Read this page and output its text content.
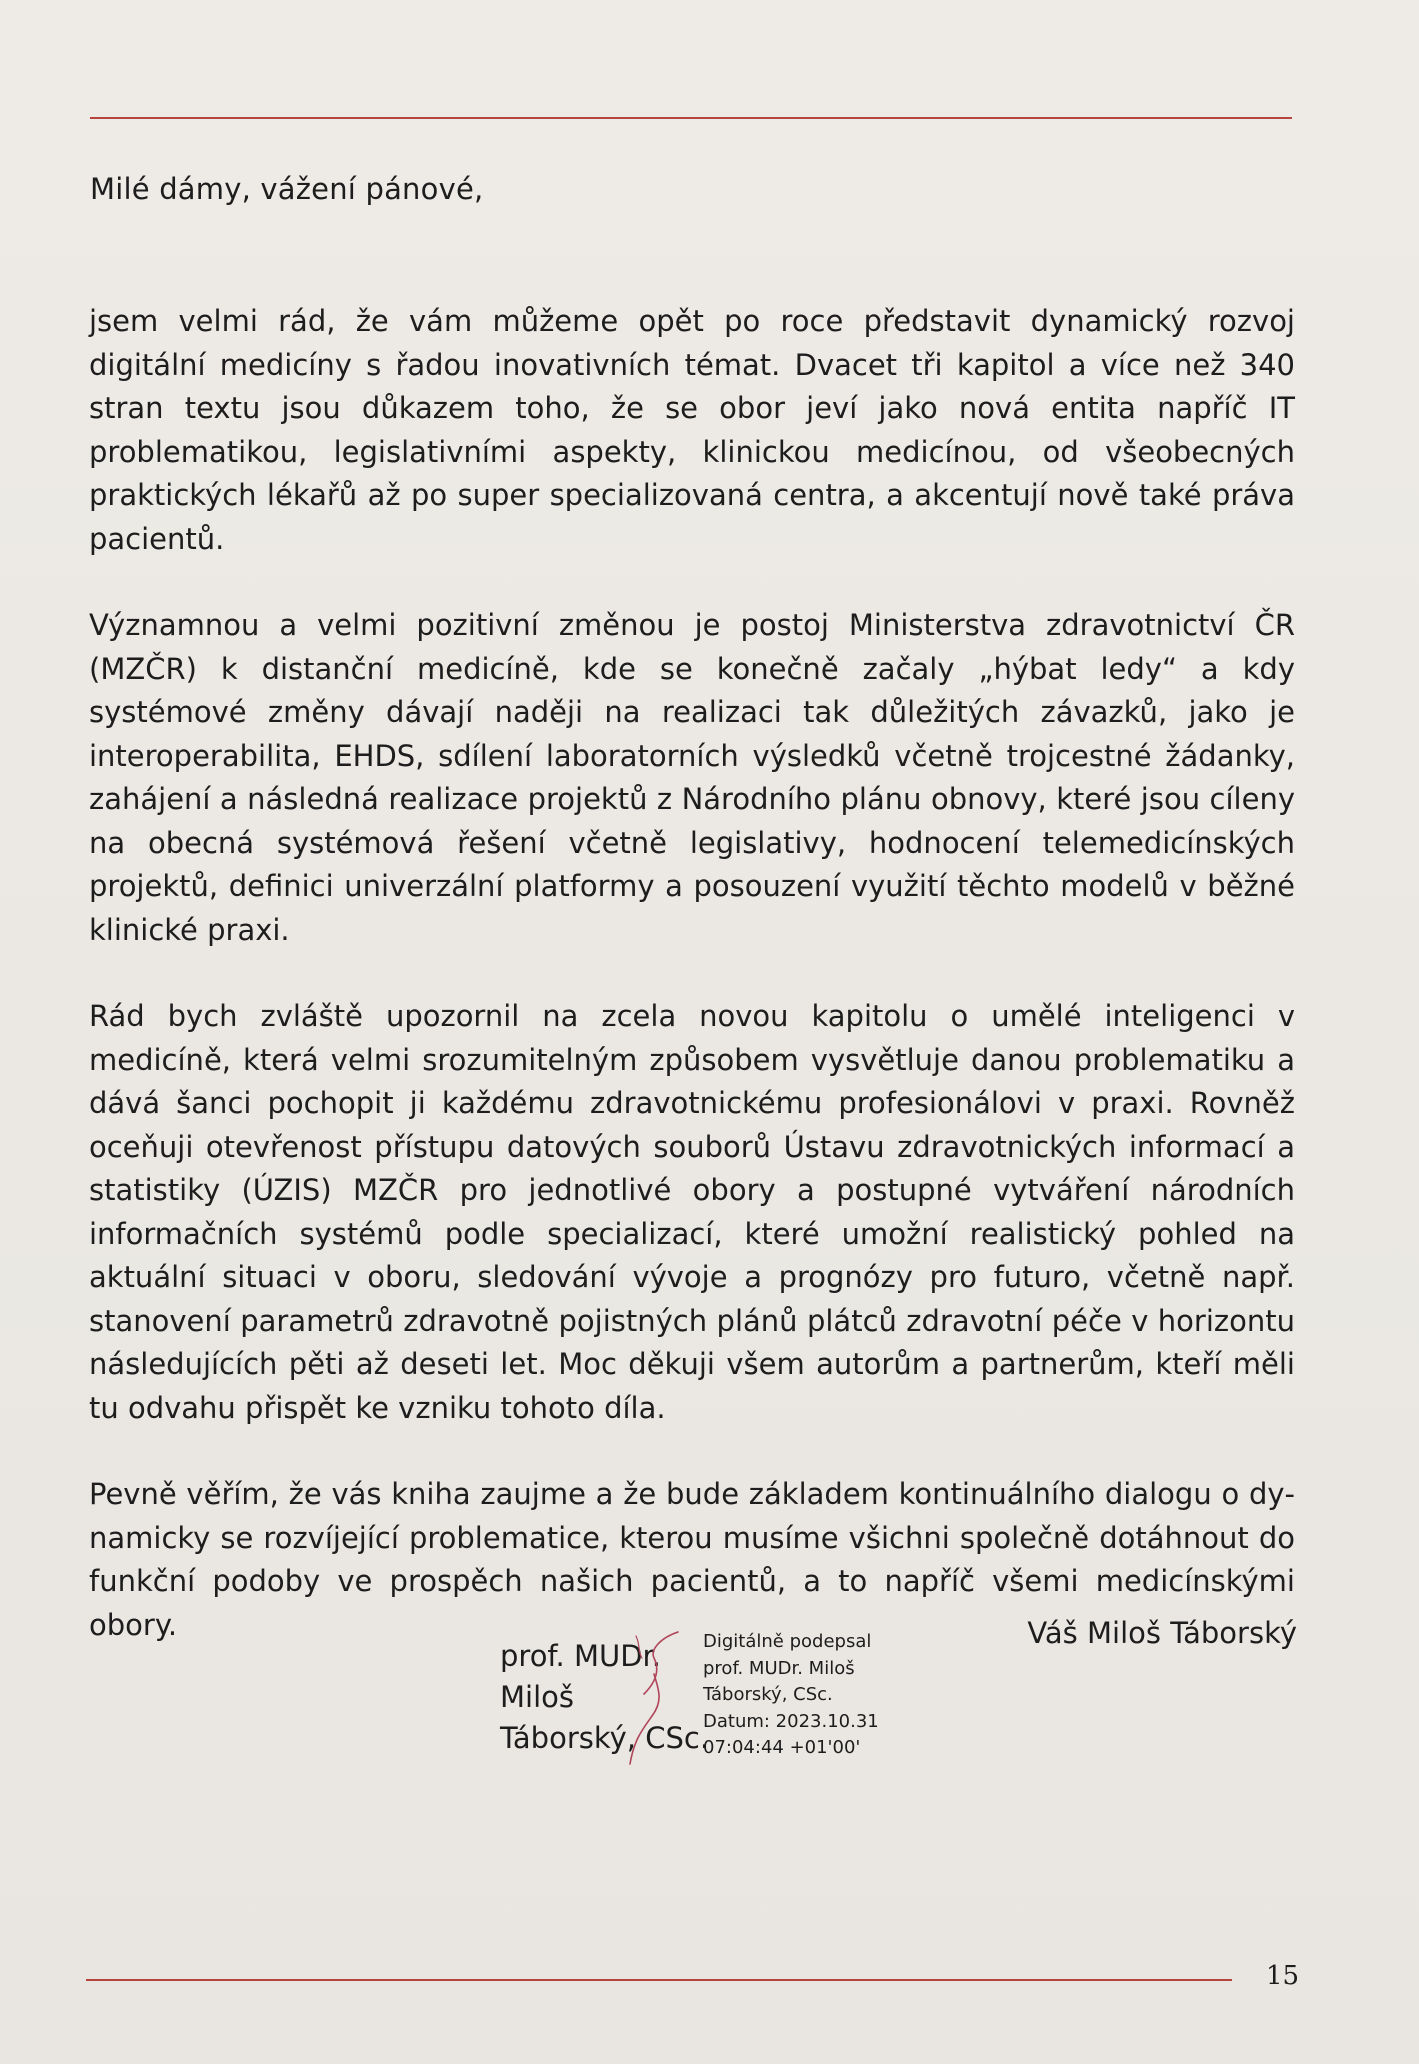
Milé dámy, vážení pánové,

jsem velmi rád, že vám můžeme opět po roce představit dynamický rozvoj digitální medicíny s řadou inovativních témat. Dvacet tři kapitol a více než 340 stran textu jsou důkazem toho, že se obor jeví jako nová entita napříč IT problematikou, legislativními aspekty, klinickou medicínou, od všeobecných praktických lékařů až po super specializovaná centra, a akcentují nově také práva pacientů.

Významnou a velmi pozitivní změnou je postoj Ministerstva zdravotnictví ČR (MZČR) k distanční medicíně, kde se konečně začaly „hýbat ledy“ a kdy systémové změny dávají naději na realizaci tak důležitých závazků, jako je interoperabilita, EHDS, sdílení laboratorních výsledků včetně trojcestné žádanky, zahájení a následná realizace projektů z Národního plánu obnovy, které jsou cíleny na obecná systémová řešení včetně legislativy, hodnocení telemedicínských projektů, definici univerzální platformy a posouzení využití těchto modelů v běžné klinické praxi.

Rád bych zvláště upozornil na zcela novou kapitolu o umělé inteligenci v medicíně, která velmi srozumitelným způsobem vysvětluje danou problematiku a dává šanci pochopit ji každému zdravotnickému profesionálovi v praxi. Rovněž oceňuji otevřenost přístupu datových souborů Ústavu zdravotnických informací a statistiky (ÚZIS) MZČR pro jednotlivé obory a postupné vytváření národních informačních systémů podle specializací, které umožní realistický pohled na aktuální situaci v oboru, sledování vývoje a prognózy pro futuro, včetně např. stanovení parametrů zdravotně pojistných plánů plátců zdravotní péče v horizontu následujících pěti až deseti let. Moc děkuji všem autorům a partnerům, kteří měli tu odvahu přispět ke vzniku tohoto díla.

Pevně věřím, že vás kniha zaujme a že bude základem kontinuálního dialogu o dynamicky se rozvíjející problematice, kterou musíme všichni společně dotáhnout do funkční podoby ve prospěch našich pacientů, a to napříč všemi medicínskými obory.	Váš Miloš Táborský
prof. MUDr.
Miloš
Táborský, CSc.
Digitálně podepsal
prof. MUDr. Miloš
Táborský, CSc.
Datum: 2023.10.31
07:04:44 +01'00'
15
